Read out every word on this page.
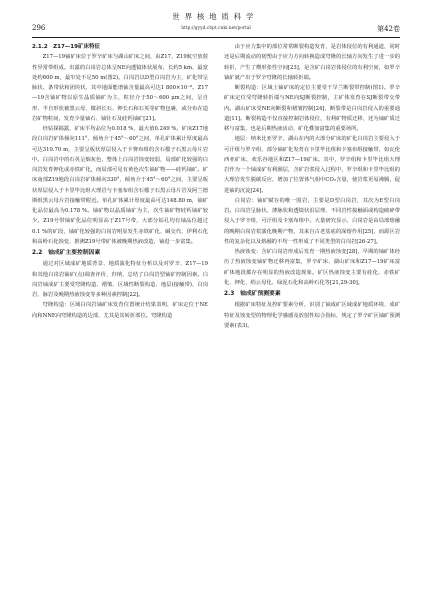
世 界 核 地 质 科 学
296	http://gyyd.cbpt.cnki.net/portal	第42卷
2.1.2　Z17—19矿床特征

Z17—19铀矿床位于罗辛矿床与湖山矿床之间，由Z17、Z19航空放射性异常带组成。出露的白岗岩总体呈NE向透镜体状展布，长约5 km，最宽处约600 m，最窄处不足50 m(图2)。白岗岩以D型白岗岩为主，矿化带呈脉状、条带状和团块状，其中地面能谱铀含量最高可达1 800×10⁻⁶。Z17—19含铀矿物以原生晶质铀矿为主，粒径介于50～600 μm之间，呈自形、半自形状被黑云母、微斜长石、钾长石和石英等矿物包裹，或分布在造岩矿物粒间，发育少量铀石、铀钍石及硅钙铀矿[21]。

经钻探揭露，矿床平均品位为0.018 %，最大值0.249 %。矿床Z17地段白岗岩矿体倾向111°、倾角介于45°～60°之间，单孔矿体累计厚度最高可达310.70 m，主要呈板状厚层侵入于卡赛布组的含石榴子石黑云母片岩中。白岗岩中的石英呈烟灰色，整体上白岗岩蚀变较弱，局部矿化较强的白岗岩发育钾化或赤铁矿化，而局部可见有黄色次生铀矿物——硅钙铀矿。矿床南部Z19地段白岗岩矿体倾向330°、倾角介于45°～60°之间，主要呈板状厚层侵入于卡里毕比组大理岩与卡塞布组含石榴子石黑云母片岩及阿兰德斯组黑云母片岩接触带附近。单孔矿体累计厚度最高可达148.80 m，铀矿化品位最高为0.178 %。铀矿物以晶质铀矿为主，次生铀矿物硅钙铀矿较少。Z19号带铀矿化品位明显高于Z17号带，大部分钻孔均有铀品位超过0.1 %的矿段，铀矿化较强的白岗岩明显发生赤铁矿化、碱交代、伊利石化和高岭石化蚀变，推测Z19号带矿体被晚期热液改造，铀进一步富集。

2.2　铀成矿主要控制因素

通过对区域成矿地质背景、地质演化特征分析以及对罗辛、Z17—19和其他白岗岩铀矿(点)调查评价，归纳、总结了白岗岩型铀矿控制因素。白岗岩铀成矿主要受穹隆构造、褶皱、区域性断裂构造、地层(接触带)、白岗岩、脉岩及晚期热液蚀变等多种因素控制[22]。

穹隆构造：区域白岗岩铀矿床发育位置统计结果表明，矿床定位于NE向和NNE向穹隆构造的边部，尤其是其转折部位。穹隆构造

由于应力集中的部位常常断裂构造发育，是岩体侵位的有利通道，同时还是后期流动的韧塑由于应力方向转换造成穹隆的长轴方向发生了进一步的转折，产生了楔形张性空间[23]，是含矿白岗岩体侵位的有利空间，如罗辛铀矿就产出于罗辛穹隆的长轴转折端。

断裂构造：区域上铀矿床的定位主要受干旱兰断裂带控制(图1)。罗辛矿床定位受穹隆转折端与NE向SJ断裂控制，主矿体发育在SJ断裂带交带内。湖山矿床受NE向断裂和褶皱控制[24]，断裂带是白岗岩侵入的重要通道[11]。断裂构造不仅直接控制岩体侵位，有利矿物质迁移，还为铀矿质迁移与富集，也是后期热液活动、矿化叠加富集的重要场所。

地层：纳米比亚罗辛、湖山在内的大部分矿床的矿化白岗岩主要侵入于可汗组与罗辛组，部分铀矿化发育在卡里毕比组和卡塞布组接触带，如瓦伦西亚矿床、欢乐谷地区和Z17—19矿床。其中，罗辛组和卡里毕比组大理岩作为一个铀成矿有利圈层，含矿岩浆侵入过程中，罗辛组和卡里毕比组的大理岩发生脱碳反应，增加了位置体气相中CO₂含量，使岩浆更易沸腾，促进铀的沉淀[24]。

白岗岩：铀矿赋存的唯一围岩，主要是D型白岗岩，其次为E型白岗岩。白岗岩呈脉状、薄脉状和透镜状沿层理、不同岩性接触面或构造破碎带侵入于罗辛组，可汗组及卡塞布组中。大量研究显示，白岗岩是由局部熔融的晚期白岗岩浆演化晚期产物，其来自古老基底的深熔作用[25]，而源区岩性的复杂化以及熔融的不均一性形成了不同类型的白岗岩[26-27]。

热液蚀变：含矿白岗岩形成后发育一期热液蚀变[28]，早期的铀矿体经历了热液蚀变铀矿物迁移再富集，罗辛矿床、湖山矿床和Z17—19矿床富矿体地段都存在明显的热液改造现象。矿区热液蚀变主要有硅化、赤铁矿化、钾化、绢云母化、绿泥石化和高岭石化等[21,29-30]。

2.3　铀成矿预测要素

根据矿床特征及控矿要素分析，识别了铀成矿区域成矿地质环境、成矿特征及蚀变型的物理化学感感及放射性综合指标，规定了罗辛矿区铀矿预测要素(表3)。
